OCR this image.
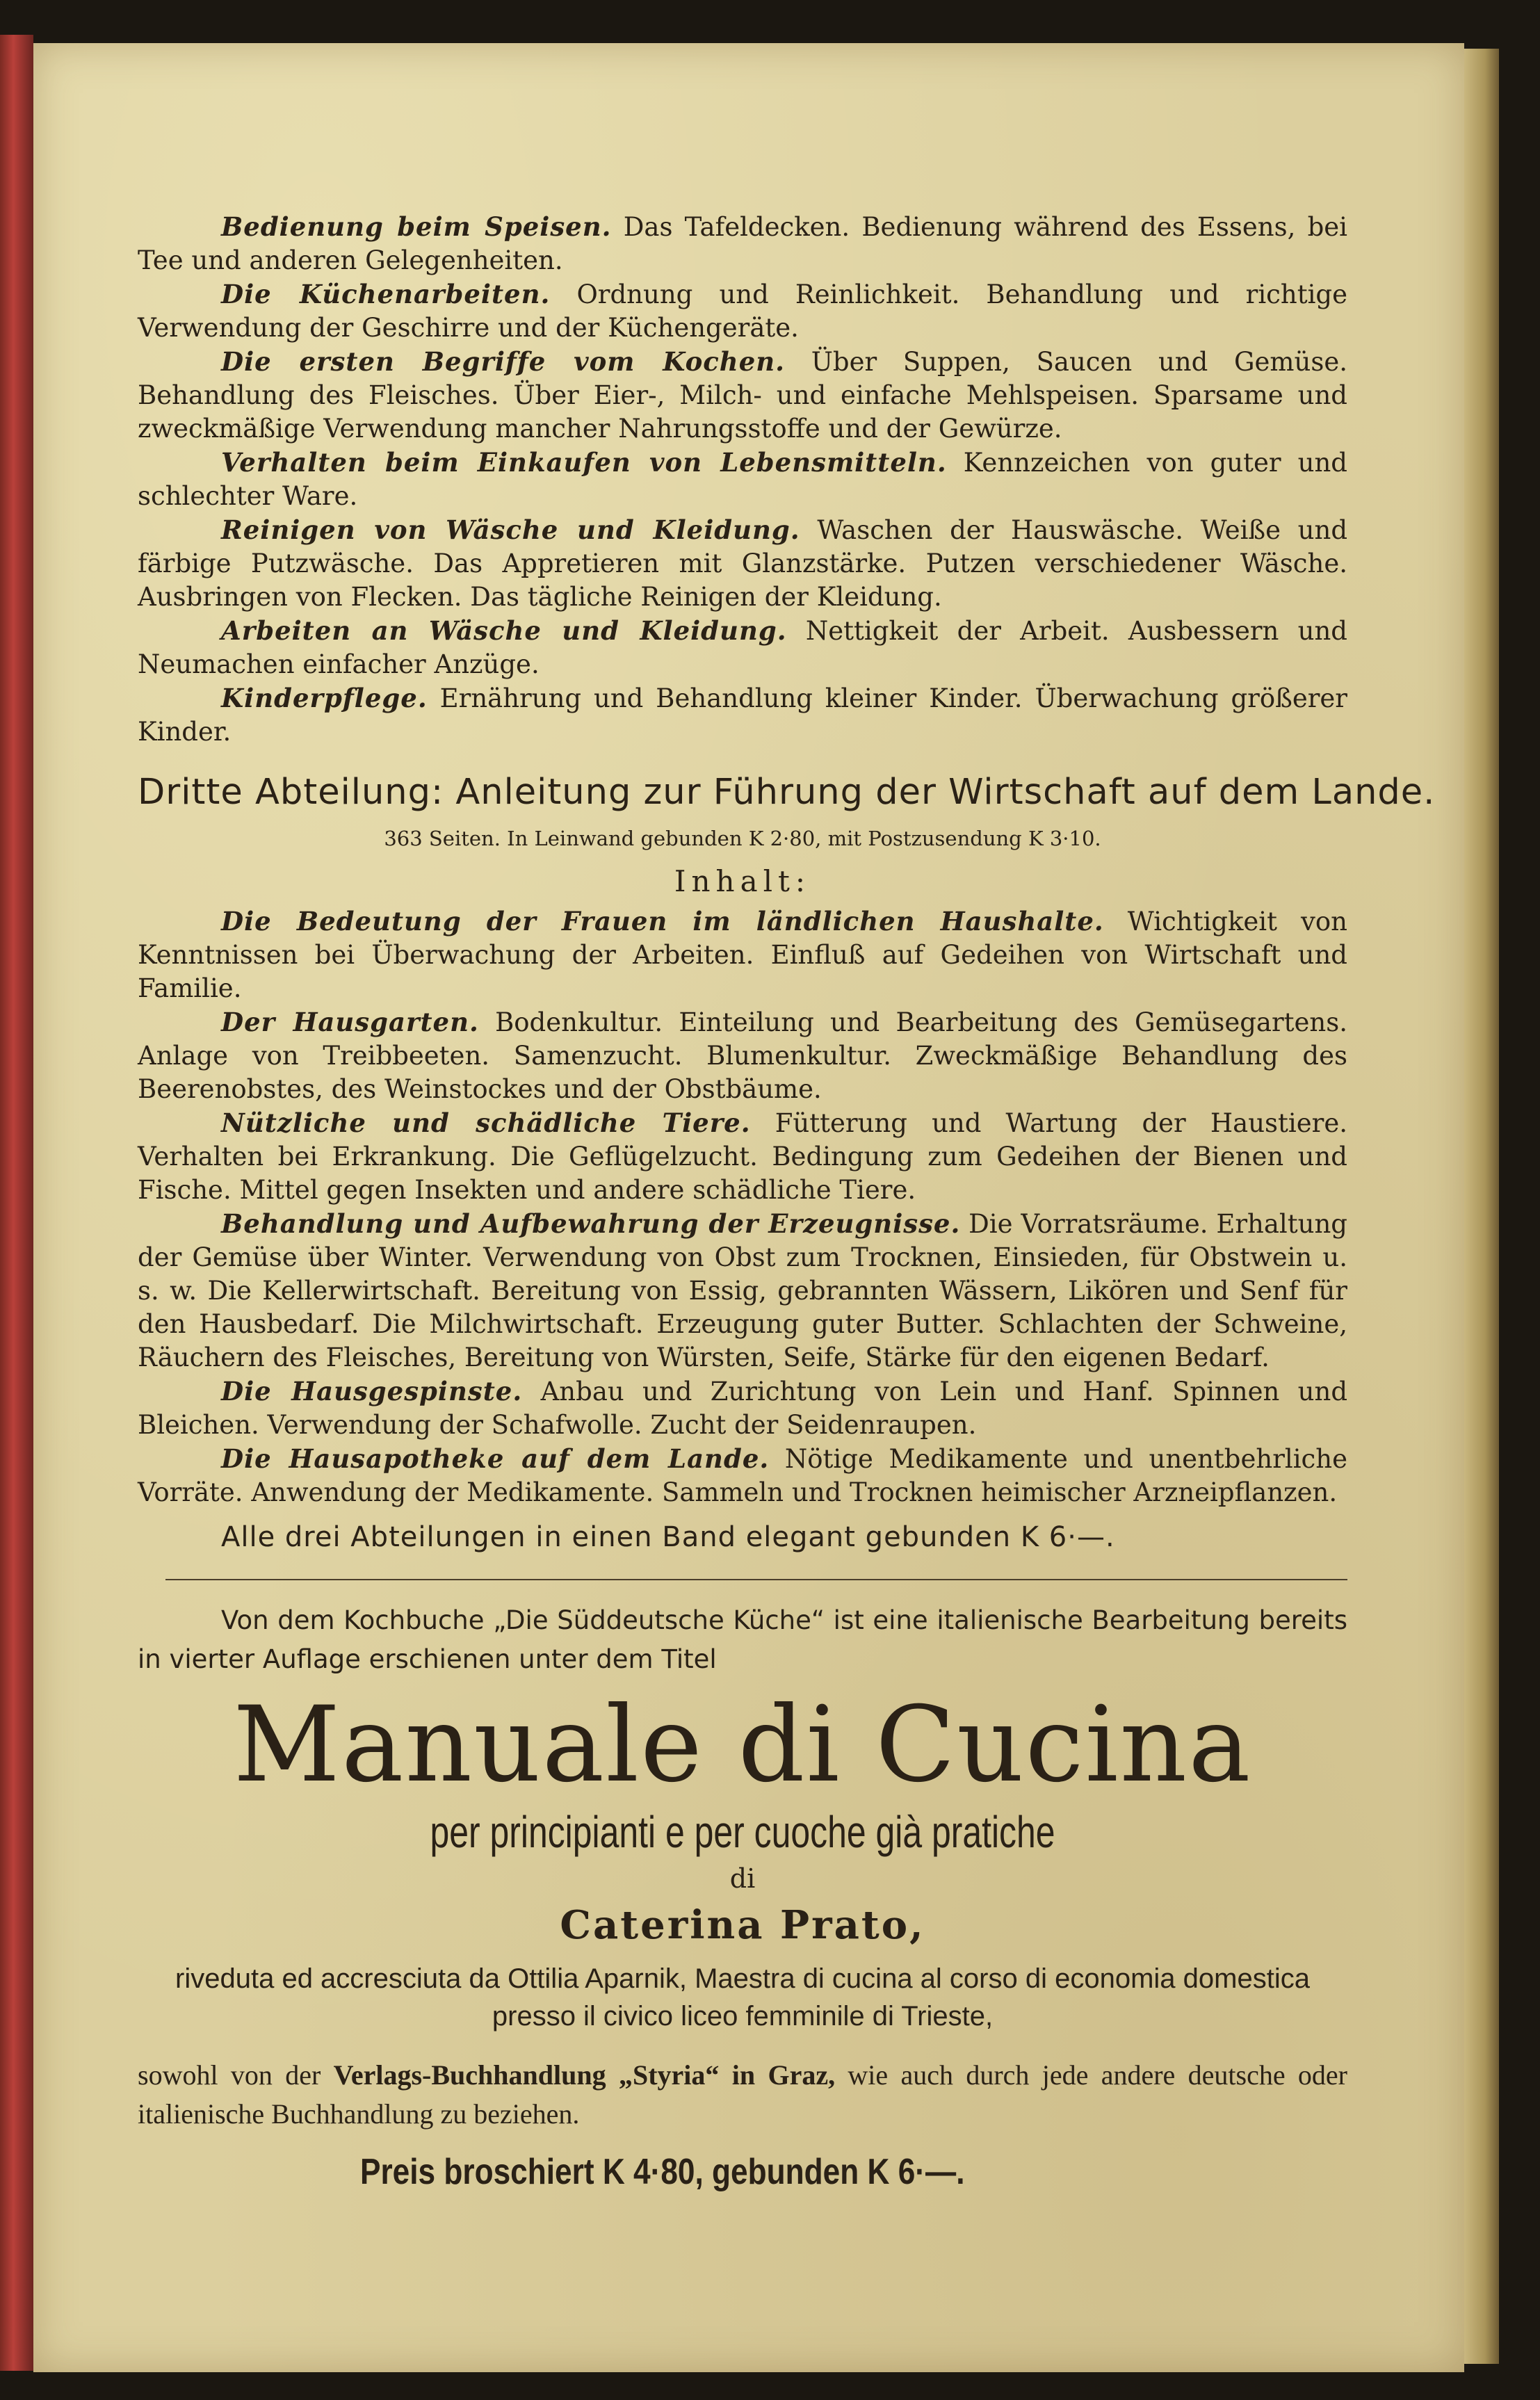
Bedienung beim Speisen. Das Tafeldecken. Bedienung während des Essens, bei Tee und anderen Gelegenheiten.

Die Küchenarbeiten. Ordnung und Reinlichkeit. Behandlung und richtige Verwendung der Geschirre und der Küchengeräte.

Die ersten Begriffe vom Kochen. Über Suppen, Saucen und Gemüse. Behandlung des Fleisches. Über Eier-, Milch- und einfache Mehlspeisen. Sparsame und zweckmäßige Verwendung mancher Nahrungsstoffe und der Gewürze.

Verhalten beim Einkaufen von Lebensmitteln. Kennzeichen von guter und schlechter Ware.

Reinigen von Wäsche und Kleidung. Waschen der Hauswäsche. Weiße und färbige Putzwäsche. Das Appretieren mit Glanzstärke. Putzen verschiedener Wäsche. Ausbringen von Flecken. Das tägliche Reinigen der Kleidung.

Arbeiten an Wäsche und Kleidung. Nettigkeit der Arbeit. Ausbessern und Neumachen einfacher Anzüge.

Kinderpflege. Ernährung und Behandlung kleiner Kinder. Überwachung größerer Kinder.

Dritte Abteilung: Anleitung zur Führung der Wirtschaft auf dem Lande.
363 Seiten. In Leinwand gebunden K 2·80, mit Postzusendung K 3·10.
Inhalt:

Die Bedeutung der Frauen im ländlichen Haushalte. Wichtigkeit von Kenntnissen bei Überwachung der Arbeiten. Einfluß auf Gedeihen von Wirtschaft und Familie.

Der Hausgarten. Bodenkultur. Einteilung und Bearbeitung des Gemüsegartens. Anlage von Treibbeeten. Samenzucht. Blumenkultur. Zweckmäßige Behandlung des Beerenobstes, des Weinstockes und der Obstbäume.

Nützliche und schädliche Tiere. Fütterung und Wartung der Haustiere. Verhalten bei Erkrankung. Die Geflügelzucht. Bedingung zum Gedeihen der Bienen und Fische. Mittel gegen Insekten und andere schädliche Tiere.

Behandlung und Aufbewahrung der Erzeugnisse. Die Vorratsräume. Erhaltung der Gemüse über Winter. Verwendung von Obst zum Trocknen, Einsieden, für Obstwein u. s. w. Die Kellerwirtschaft. Bereitung von Essig, gebrannten Wässern, Likören und Senf für den Hausbedarf. Die Milchwirtschaft. Erzeugung guter Butter. Schlachten der Schweine, Räuchern des Fleisches, Bereitung von Würsten, Seife, Stärke für den eigenen Bedarf.

Die Hausgespinste. Anbau und Zurichtung von Lein und Hanf. Spinnen und Bleichen. Verwendung der Schafwolle. Zucht der Seidenraupen.

Die Hausapotheke auf dem Lande. Nötige Medikamente und unentbehrliche Vorräte. Anwendung der Medikamente. Sammeln und Trocknen heimischer Arzneipflanzen.

Alle drei Abteilungen in einen Band elegant gebunden K 6·—.

Von dem Kochbuche „Die Süddeutsche Küche“ ist eine italienische Bearbeitung bereits in vierter Auflage erschienen unter dem Titel

Manuale di Cucina

per principianti e per cuoche già pratiche

di

Caterina Prato,

riveduta ed accresciuta da Ottilia Aparnik, Maestra di cucina al corso di economia domestica presso il civico liceo femminile di Trieste,

sowohl von der Verlags-Buchhandlung „Styria“ in Graz, wie auch durch jede andere deutsche oder italienische Buchhandlung zu beziehen.

Preis broschiert K 4·80, gebunden K 6·—.
